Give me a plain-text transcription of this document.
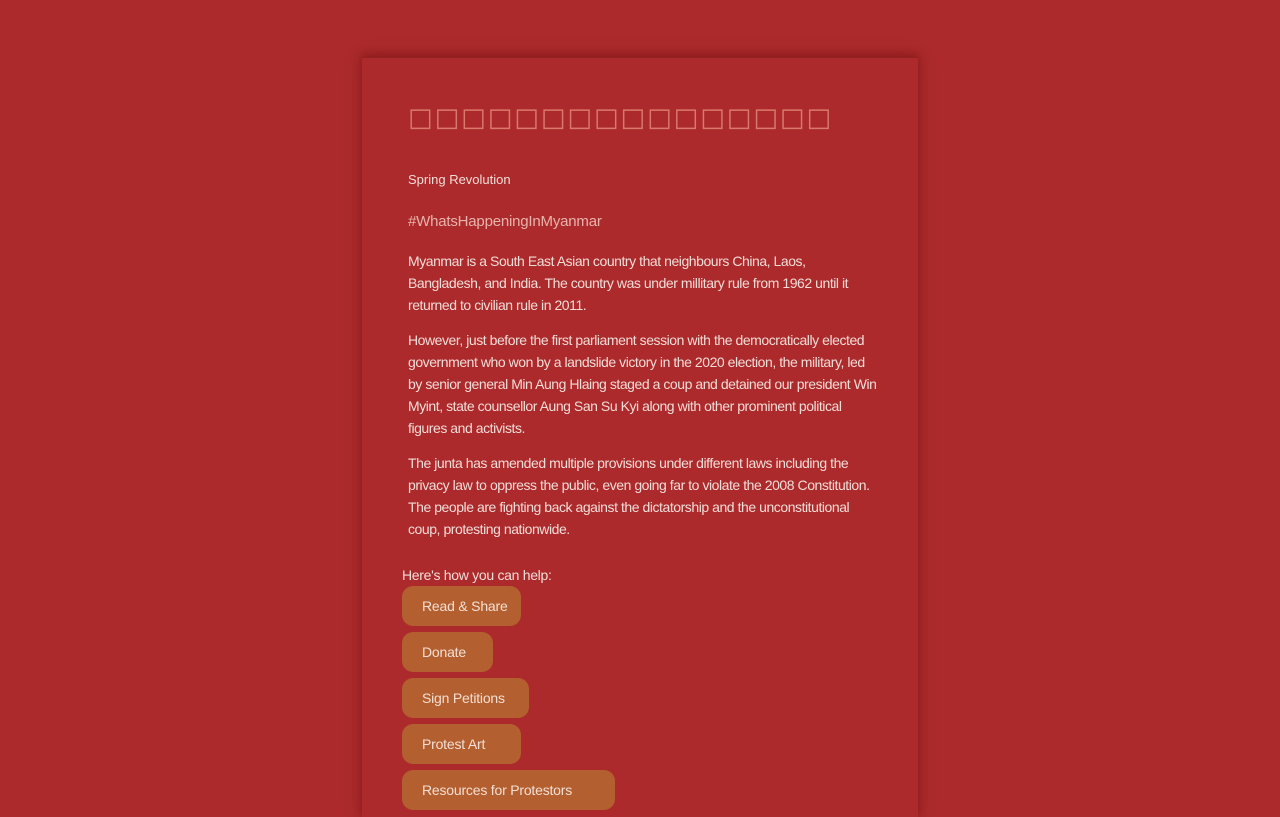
□□□□□□□□□□□□□□□□
Spring Revolution
#WhatsHappeningInMyanmar

Myanmar is a South East Asian country that neighbours China, Laos, Bangladesh, and India. The country was under millitary rule from 1962 until it returned to civilian rule in 2011.

However, just before the first parliament session with the democratically elected government who won by a landslide victory in the 2020 election, the military, led by senior general Min Aung Hlaing staged a coup and detained our president Win Myint, state counsellor Aung San Su Kyi along with other prominent political figures and activists.

The junta has amended multiple provisions under different laws including the privacy law to oppress the public, even going far to violate the 2008 Constitution. The people are fighting back against the dictatorship and the unconstitutional coup, protesting nationwide.

Here's how you can help:
Read & Share
Donate
Sign Petitions
Protest Art
Resources for Protestors
